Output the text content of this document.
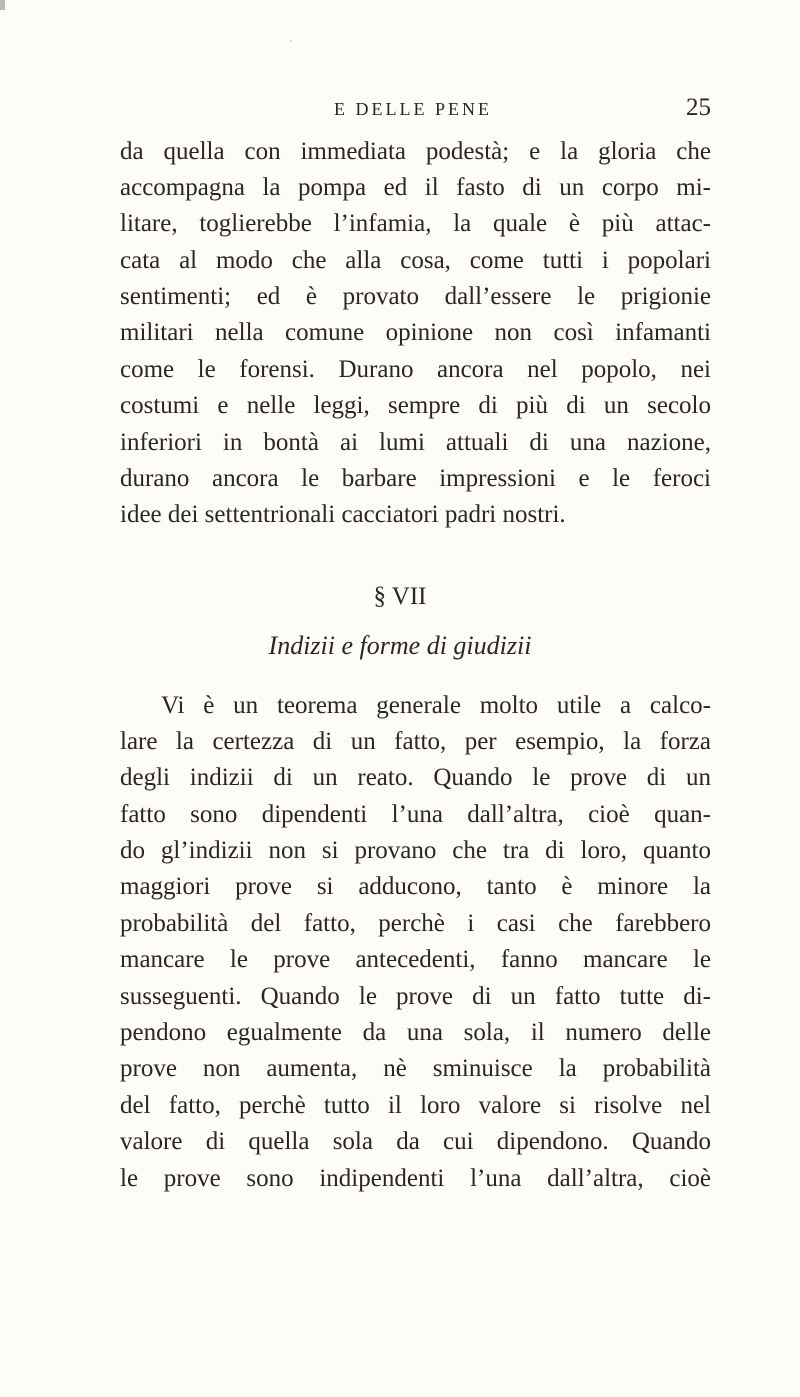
E DELLE PENE	25
da quella con immediata podestà; e la gloria che
accompagna la pompa ed il fasto di un corpo mi-
litare, toglierebbe l’infamia, la quale è più attac-
cata al modo che alla cosa, come tutti i popolari
sentimenti; ed è provato dall’essere le prigionie
militari nella comune opinione non così infamanti
come le forensi. Durano ancora nel popolo, nei
costumi e nelle leggi, sempre di più di un secolo
inferiori in bontà ai lumi attuali di una nazione,
durano ancora le barbare impressioni e le feroci
idee dei settentrionali cacciatori padri nostri.
§ VII
Indizii e forme di giudizii
Vi è un teorema generale molto utile a calco-
lare la certezza di un fatto, per esempio, la forza
degli indizii di un reato. Quando le prove di un
fatto sono dipendenti l’una dall’altra, cioè quan-
do gl’indizii non si provano che tra di loro, quanto
maggiori prove si adducono, tanto è minore la
probabilità del fatto, perchè i casi che farebbero
mancare le prove antecedenti, fanno mancare le
susseguenti. Quando le prove di un fatto tutte di-
pendono egualmente da una sola, il numero delle
prove non aumenta, nè sminuisce la probabilità
del fatto, perchè tutto il loro valore si risolve nel
valore di quella sola da cui dipendono. Quando
le prove sono indipendenti l’una dall’altra, cioè
